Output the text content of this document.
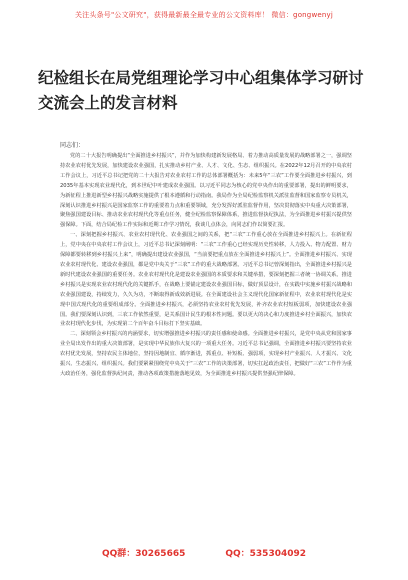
关注头条号"公文研究"，获得最新最全最专业的公文资料库！ 微信：gongwenyj
纪检组长在局党组理论学习中心组集体学习研讨交流会上的发言材料
同志们：

党的二十大报告明确提出“全面推进乡村振兴”，并作为加快构建新发展格局、着力推动高质量发展的战略部署之一，强调坚持农业农村优先发展，加快建设农业强国，扎实推动乡村产业、人才、文化、生态、组织振兴。在2022年12月召开的中央农村工作会议上，习近平总书记把党的二十大报告对农业农村工作的总体部署概括为：未来5年“三农”工作要全面推进乡村振兴，到2035年基本实现农业现代化，到本世纪中叶建成农业强国。以习近平同志为核心的党中央作出的重要部署，提出的鲜明要求，为新征程上推进新型乡村振兴战略实施提供了根本遵循和行动指南。我局作为全局纪检监察机关派驻监督和国家监察专员机关，深刻认识推进乡村振兴是国家监察工作的重要着力点和重要领域，充分发挥好派驻监督作用，坚决贯彻落实中央重大决策部署，聚焦强国建设目标、推动农业农村现代化等重点任务，健全纪检监察保障体系，推进监督执纪执法，为全面推进乡村振兴提供坚强保障。下面，结合局纪检工作实际和近期工作学习情况，我谈几点体会，向同志们作以简要汇报。

一、深刻把握乡村振兴、农业农村现代化、农业强国之间的关系，把“三农”工作重心放在全面推进乡村振兴上。在新征程上，党中央在中央农村工作会议上，习近平总书记深刻阐明：“三农”工作重心已经实现历史性转移，人力投入、物力配置、财力保障都要转移到乡村振兴上来”，明确提出建设农业强国，“当前要把重点放在全面推进乡村振兴上”。全面推进乡村振兴、实现农业农村现代化、建设农业强国，都是党中央关于“三农”工作的重大战略部署。习近平总书记曾深刻指出，全面推进乡村振兴是新时代建设农业强国的重要任务。农业农村现代化是建设农业强国的本质要求和关键举措，要深刻把握三者统一协调关系。推进乡村振兴是实现农业农村现代化的关键抓手，在战略上要锚定建设农业强国目标，做好顶层设计，在实践中实施乡村振兴战略和农业强国建设，持续发力，久久为功，不断取得新成效新进展。在全面建设社会主义现代化国家新征程中，农业农村现代化是实现中国式现代化的重要组成部分。全面推进乡村振兴，必须坚持农业农村优先发展，补齐农业农村短板弱项，加快建设农业强国。我们要深刻认识到，三农工作依然重要，是关系国计民生的根本性问题。要以更大的决心和力度推进乡村全面振兴，加快农业农村现代化步伐，为实现第二个百年奋斗目标打下坚实基础。

二、深刻领会乡村振兴的内涵要求，切实增强推进乡村振兴的责任感和使命感。全面推进乡村振兴，是党中央从党和国家事业全局出发作出的重大决策部署，是实现中华民族伟大复兴的一项重大任务。习近平总书记强调，全面推进乡村振兴要坚持农业农村优先发展，坚持农民主体地位，坚持因地制宜、循序渐进，抓重点、补短板、强弱项，实现乡村产业振兴、人才振兴、文化振兴、生态振兴、组织振兴。我们要紧紧围绕党中央关于“三农”工作的决策部署，切实扛起政治责任，把做好“三农”工作作为重大政治任务，强化监督执纪问责，推动各项政策措施落地见效，为全面推进乡村振兴提供坚强纪律保障。

QQ群：30265665	QQ：535304092
